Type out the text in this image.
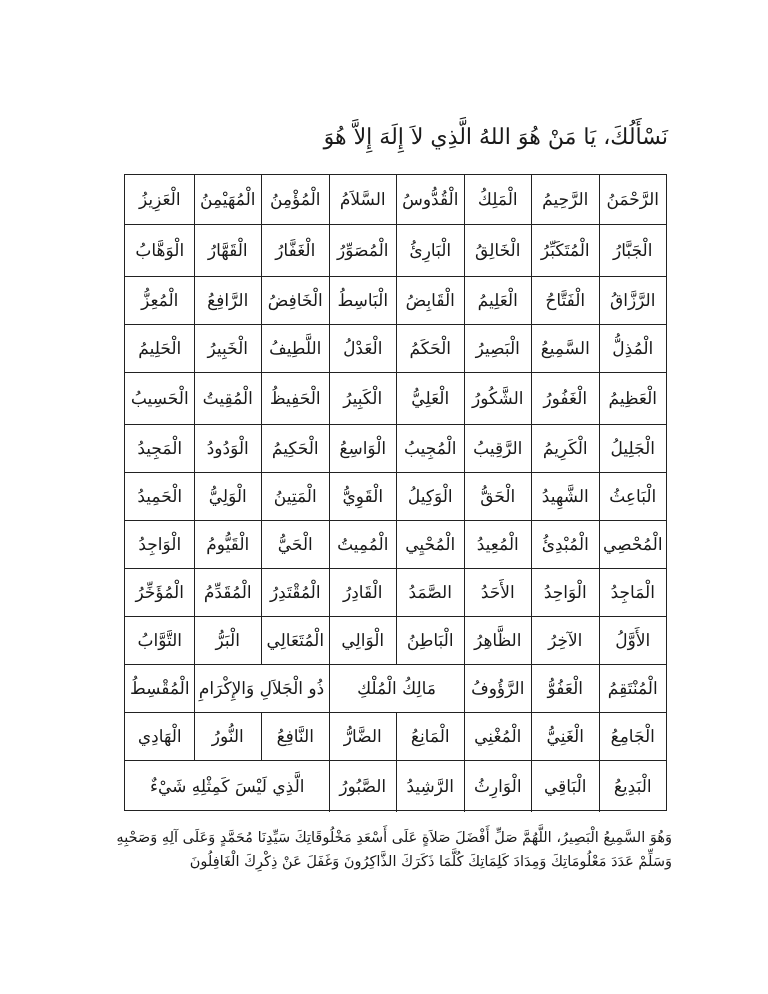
نَسْأَلُكَ، يَا مَنْ هُوَ اللهُ الَّذِي لاَ إِلَهَ إِلاَّ هُوَ
الرَّحْمَنُ
الرَّحِيمُ
الْمَلِكُ
الْقُدُّوسُ
السَّلاَمُ
الْمُؤْمِنُ
الْمُهَيْمِنُ
الْعَزِيزُ
الْجَبَّارُ
الْمُتَكَبِّرُ
الْخَالِقُ
الْبَارِئُ
الْمُصَوِّرُ
الْغَفَّارُ
الْقَهَّارُ
الْوَهَّابُ
الرَّزَّاقُ
الْفَتَّاحُ
الْعَلِيمُ
الْقَابِضُ
الْبَاسِطُ
الْخَافِضُ
الرَّافِعُ
الْمُعِزُّ
الْمُذِلُّ
السَّمِيعُ
الْبَصِيرُ
الْحَكَمُ
الْعَدْلُ
اللَّطِيفُ
الْخَبِيرُ
الْحَلِيمُ
الْعَظِيمُ
الْغَفُورُ
الشَّكُورُ
الْعَلِيُّ
الْكَبِيرُ
الْحَفِيظُ
الْمُقِيتُ
الْحَسِيبُ
الْجَلِيلُ
الْكَرِيمُ
الرَّقِيبُ
الْمُجِيبُ
الْوَاسِعُ
الْحَكِيمُ
الْوَدُودُ
الْمَجِيدُ
الْبَاعِثُ
الشَّهِيدُ
الْحَقُّ
الْوَكِيلُ
الْقَوِيُّ
الْمَتِينُ
الْوَلِيُّ
الْحَمِيدُ
الْمُحْصِي
الْمُبْدِئُ
الْمُعِيدُ
الْمُحْيِي
الْمُمِيتُ
الْحَيُّ
الْقَيُّومُ
الْوَاجِدُ
الْمَاجِدُ
الْوَاحِدُ
الأَحَدُ
الصَّمَدُ
الْقَادِرُ
الْمُقْتَدِرُ
الْمُقَدِّمُ
الْمُؤَخِّرُ
الأَوَّلُ
الآخِرُ
الظَّاهِرُ
الْبَاطِنُ
الْوَالِي
الْمُتَعَالِي
الْبَرُّ
التَّوَّابُ
الْمُنْتَقِمُ
الْعَفُوُّ
الرَّؤُوفُ
مَالِكُ الْمُلْكِ
ذُو الْجَلاَلِ وَالإِكْرَامِ
الْمُقْسِطُ
الْجَامِعُ
الْغَنِيُّ
الْمُغْنِي
الْمَانِعُ
الضَّارُّ
النَّافِعُ
النُّورُ
الْهَادِي
الْبَدِيعُ
الْبَاقِي
الْوَارِثُ
الرَّشِيدُ
الصَّبُورُ
الَّذِي لَيْسَ كَمِثْلِهِ شَيْءٌ

وَهُوَ السَّمِيعُ الْبَصِيرُ، اللَّهُمَّ صَلِّ أَفْضَلَ صَلاَةٍ عَلَى أَسْعَدِ مَخْلُوقَاتِكَ سَيِّدِنَا مُحَمَّدٍ وَعَلَى آلِهِ وَصَحْبِهِ

وَسَلِّمْ عَدَدَ مَعْلُومَاتِكَ وَمِدَادَ كَلِمَاتِكَ كُلَّمَا ذَكَرَكَ الذَّاكِرُونَ وَغَفَلَ عَنْ ذِكْرِكَ الْغَافِلُونَ
